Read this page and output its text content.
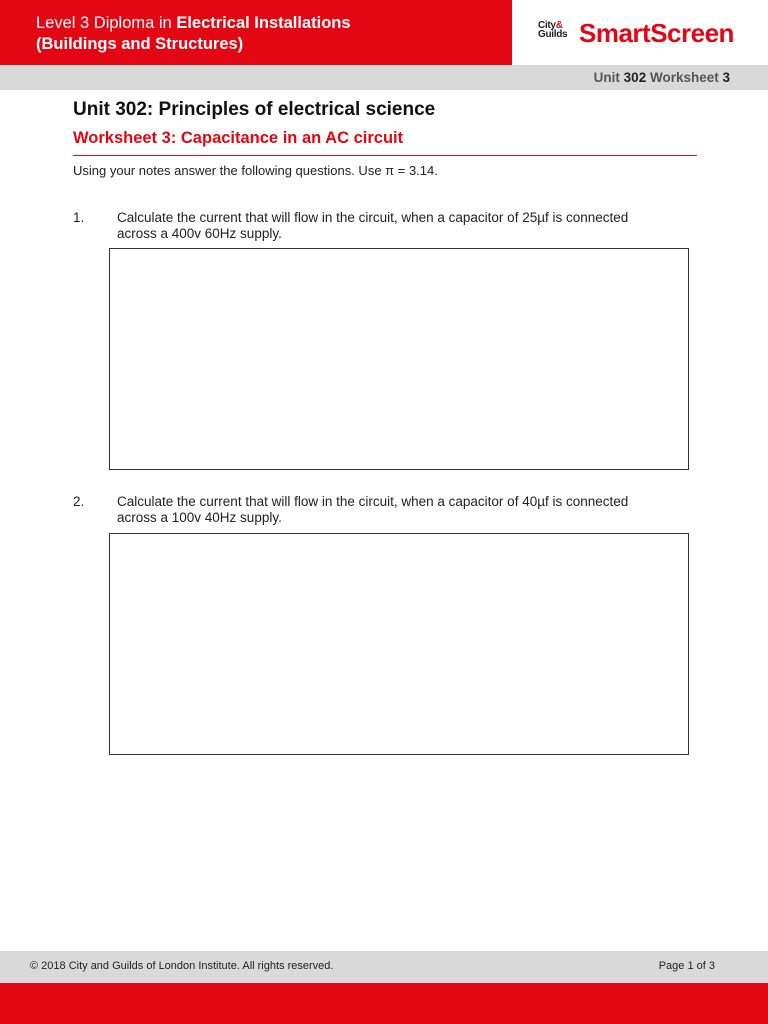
Level 3 Diploma in Electrical Installations
(Buildings and Structures)
City&
Guilds SmartScreen
Unit 302 Worksheet 3
Unit 302: Principles of electrical science
Worksheet 3: Capacitance in an AC circuit
Using your notes answer the following questions. Use π = 3.14.
1. Calculate the current that will flow in the circuit, when a capacitor of 25µf is connected
across a 400v 60Hz supply.
2. Calculate the current that will flow in the circuit, when a capacitor of 40µf is connected
across a 100v 40Hz supply.
© 2018 City and Guilds of London Institute. All rights reserved.	Page 1 of 3
